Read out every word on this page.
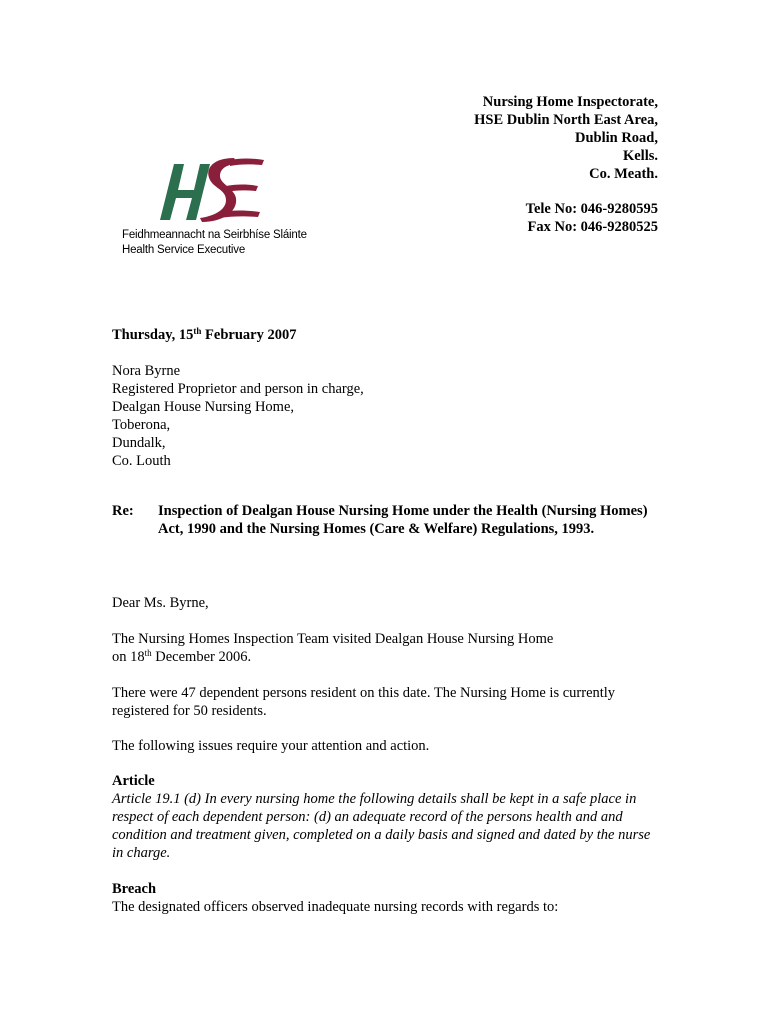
Nursing Home Inspectorate,
HSE Dublin North East Area,
Dublin Road,
Kells.
Co. Meath.
Tele No: 046-9280595
Fax No: 046-9280525
Feidhmeannacht na Seirbhíse Sláinte
Health Service Executive
Thursday, 15th February 2007
Nora Byrne
Registered Proprietor and person in charge,
Dealgan House Nursing Home,
Toberona,
Dundalk,
Co. Louth
Re: Inspection of Dealgan House Nursing Home under the Health (Nursing Homes) Act, 1990 and the Nursing Homes (Care & Welfare) Regulations, 1993.
Dear Ms. Byrne,
The Nursing Homes Inspection Team visited Dealgan House Nursing Home
on 18th December 2006.
There were 47 dependent persons resident on this date. The Nursing Home is currently registered for 50 residents.
The following issues require your attention and action.
Article
Article 19.1 (d) In every nursing home the following details shall be kept in a safe place in respect of each dependent person: (d) an adequate record of the persons health and and condition and treatment given, completed on a daily basis and signed and dated by the nurse in charge.
Breach
The designated officers observed inadequate nursing records with regards to:
